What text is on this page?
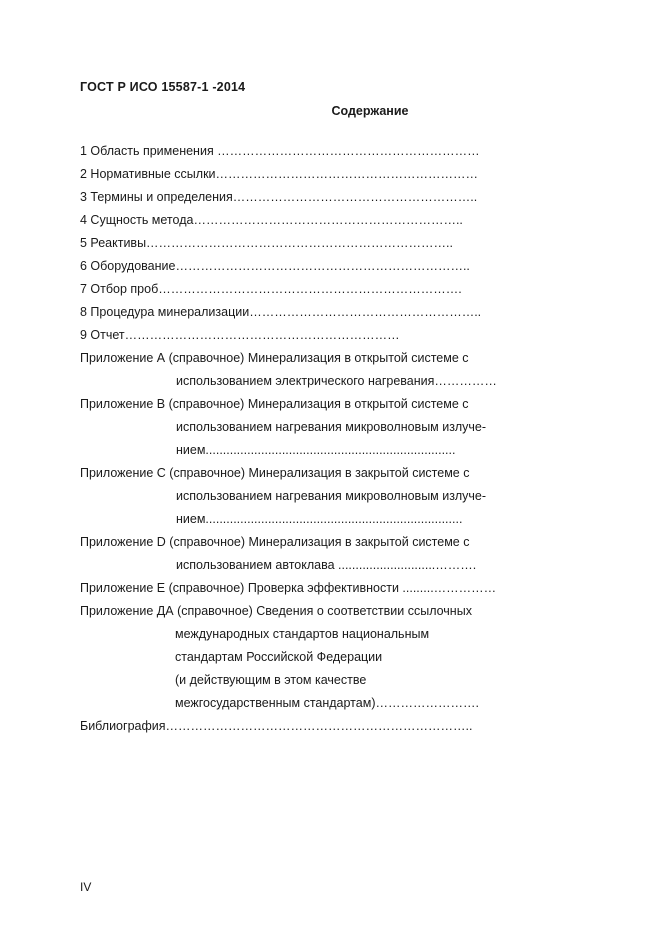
ГОСТ Р ИСО 15587-1 -2014
Содержание
1 Область применения ………………………………………………………
2 Нормативные ссылки………………………………………………………
3 Термины и определения…………………………………………………..
4 Сущность метода………………………………………………………..
5 Реактивы………………………………………………………………..
6 Оборудование……………………………………………………………..
7 Отбор проб……………………………………………………………….
8 Процедура минерализации………………………………………………..
9 Отчет…………………………………………………………
Приложение А (справочное) Минерализация в открытой системе с
использованием электрического нагревания……………
Приложение В (справочное) Минерализация в открытой системе с
использованием нагревания микроволновым излуче-
нием........................................................................
Приложение С (справочное) Минерализация в закрытой системе с
использованием нагревания микроволновым излуче-
нием..........................................................................
Приложение D (справочное) Минерализация в закрытой системе с
использованием автоклава ............................……….
Приложение Е (справочное) Проверка эффективности .........……………
Приложение ДА (справочное) Сведения о соответствии ссылочных
международных стандартов национальным
стандартам Российской Федерации
(и действующим в этом качестве
межгосударственным стандартам)…………………….
Библиография………………………………………………………………..
IV
